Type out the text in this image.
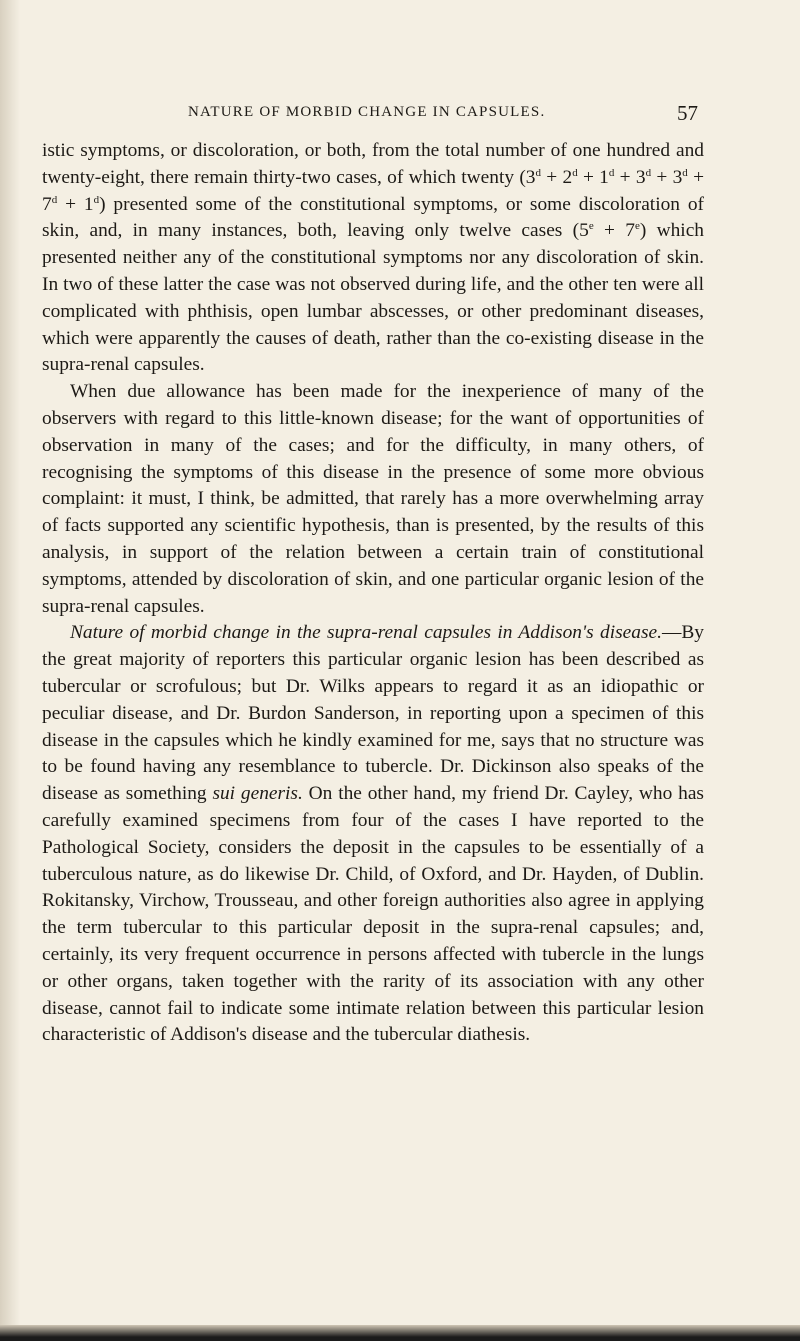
NATURE OF MORBID CHANGE IN CAPSULES.	57

istic symptoms, or discoloration, or both, from the total number of one hundred and twenty-eight, there remain thirty-two cases, of which twenty $(3^d + 2^d + 1^d + 3^d + 3^d + 7^d + 1^d)$ presented some of the constitutional symptoms, or some discoloration of skin, and, in many instances, both, leaving only twelve cases $(5^e + 7^e)$ which presented neither any of the constitutional symptoms nor any discoloration of skin. In two of these latter the case was not observed during life, and the other ten were all complicated with phthisis, open lumbar abscesses, or other predominant diseases, which were apparently the causes of death, rather than the co-existing disease in the supra-renal capsules.

When due allowance has been made for the inexperience of many of the observers with regard to this little-known disease; for the want of opportunities of observation in many of the cases; and for the difficulty, in many others, of recognising the symptoms of this disease in the presence of some more obvious complaint: it must, I think, be admitted, that rarely has a more overwhelming array of facts supported any scientific hypothesis, than is presented, by the results of this analysis, in support of the relation between a certain train of constitutional symptoms, attended by discoloration of skin, and one particular organic lesion of the supra-renal capsules.

Nature of morbid change in the supra-renal capsules in Addison's disease.—By the great majority of reporters this particular organic lesion has been described as tubercular or scrofulous; but Dr. Wilks appears to regard it as an idiopathic or peculiar disease, and Dr. Burdon Sanderson, in reporting upon a specimen of this disease in the capsules which he kindly examined for me, says that no structure was to be found having any resemblance to tubercle. Dr. Dickinson also speaks of the disease as something sui generis. On the other hand, my friend Dr. Cayley, who has carefully examined specimens from four of the cases I have reported to the Pathological Society, considers the deposit in the capsules to be essentially of a tuberculous nature, as do likewise Dr. Child, of Oxford, and Dr. Hayden, of Dublin. Rokitansky, Virchow, Trousseau, and other foreign authorities also agree in applying the term tubercular to this particular deposit in the supra-renal capsules; and, certainly, its very frequent occurrence in persons affected with tubercle in the lungs or other organs, taken together with the rarity of its association with any other disease, cannot fail to indicate some intimate relation between this particular lesion characteristic of Addison's disease and the tubercular diathesis.
